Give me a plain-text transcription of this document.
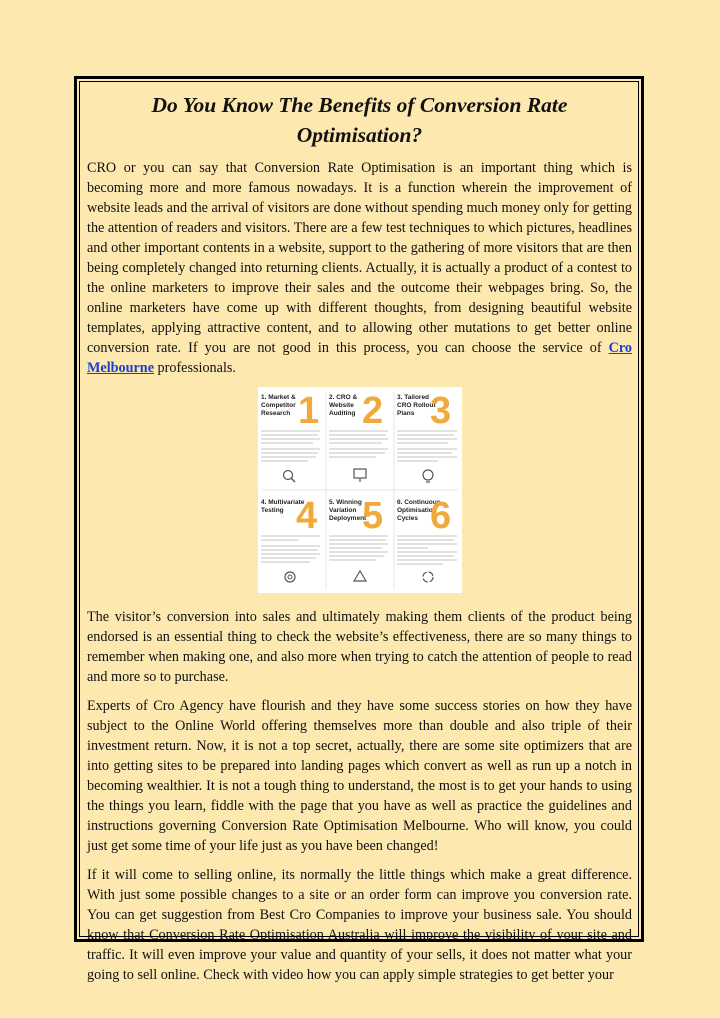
Do You Know The Benefits of Conversion Rate Optimisation?

CRO or you can say that Conversion Rate Optimisation is an important thing which is becoming more and more famous nowadays. It is a function wherein the improvement of website leads and the arrival of visitors are done without spending much money only for getting the attention of readers and visitors. There are a few test techniques to which pictures, headlines and other important contents in a website, support to the gathering of more visitors that are then being completely changed into returning clients. Actually, it is actually a product of a contest to the online marketers to improve their sales and the outcome their webpages bring. So, the online marketers have come up with different thoughts, from designing beautiful website templates, applying attractive content, and to allowing other mutations to get better online conversion rate. If you are not good in this process, you can choose the service of Cro Melbourne professionals.

1. Market &
Competitor
Research 1 2. CRO &
Website
Auditing 2 3. Tailored
CRO Rollout
Plans 3
4. Multivariate
Testing 4 5. Winning
Variation
Deployment
5 6. Continuous
Optimisation
Cycles 6

The visitor’s conversion into sales and ultimately making them clients of the product being endorsed is an essential thing to check the website’s effectiveness, there are so many things to remember when making one, and also more when trying to catch the attention of people to read and more so to purchase.

Experts of Cro Agency have flourish and they have some success stories on how they have subject to the Online World offering themselves more than double and also triple of their investment return. Now, it is not a top secret, actually, there are some site optimizers that are into getting sites to be prepared into landing pages which convert as well as run up a notch in becoming wealthier. It is not a tough thing to understand, the most is to get your hands to using the things you learn, fiddle with the page that you have as well as practice the guidelines and instructions governing Conversion Rate Optimisation Melbourne. Who will know, you could just get some time of your life just as you have been changed!

If it will come to selling online, its normally the little things which make a great difference. With just some possible changes to a site or an order form can improve you conversion rate. You can get suggestion from Best Cro Companies to improve your business sale. You should know that Conversion Rate Optimisation Australia will improve the visibility of your site and traffic. It will even improve your value and quantity of your sells, it does not matter what your going to sell online. Check with video how you can apply simple strategies to get better your
